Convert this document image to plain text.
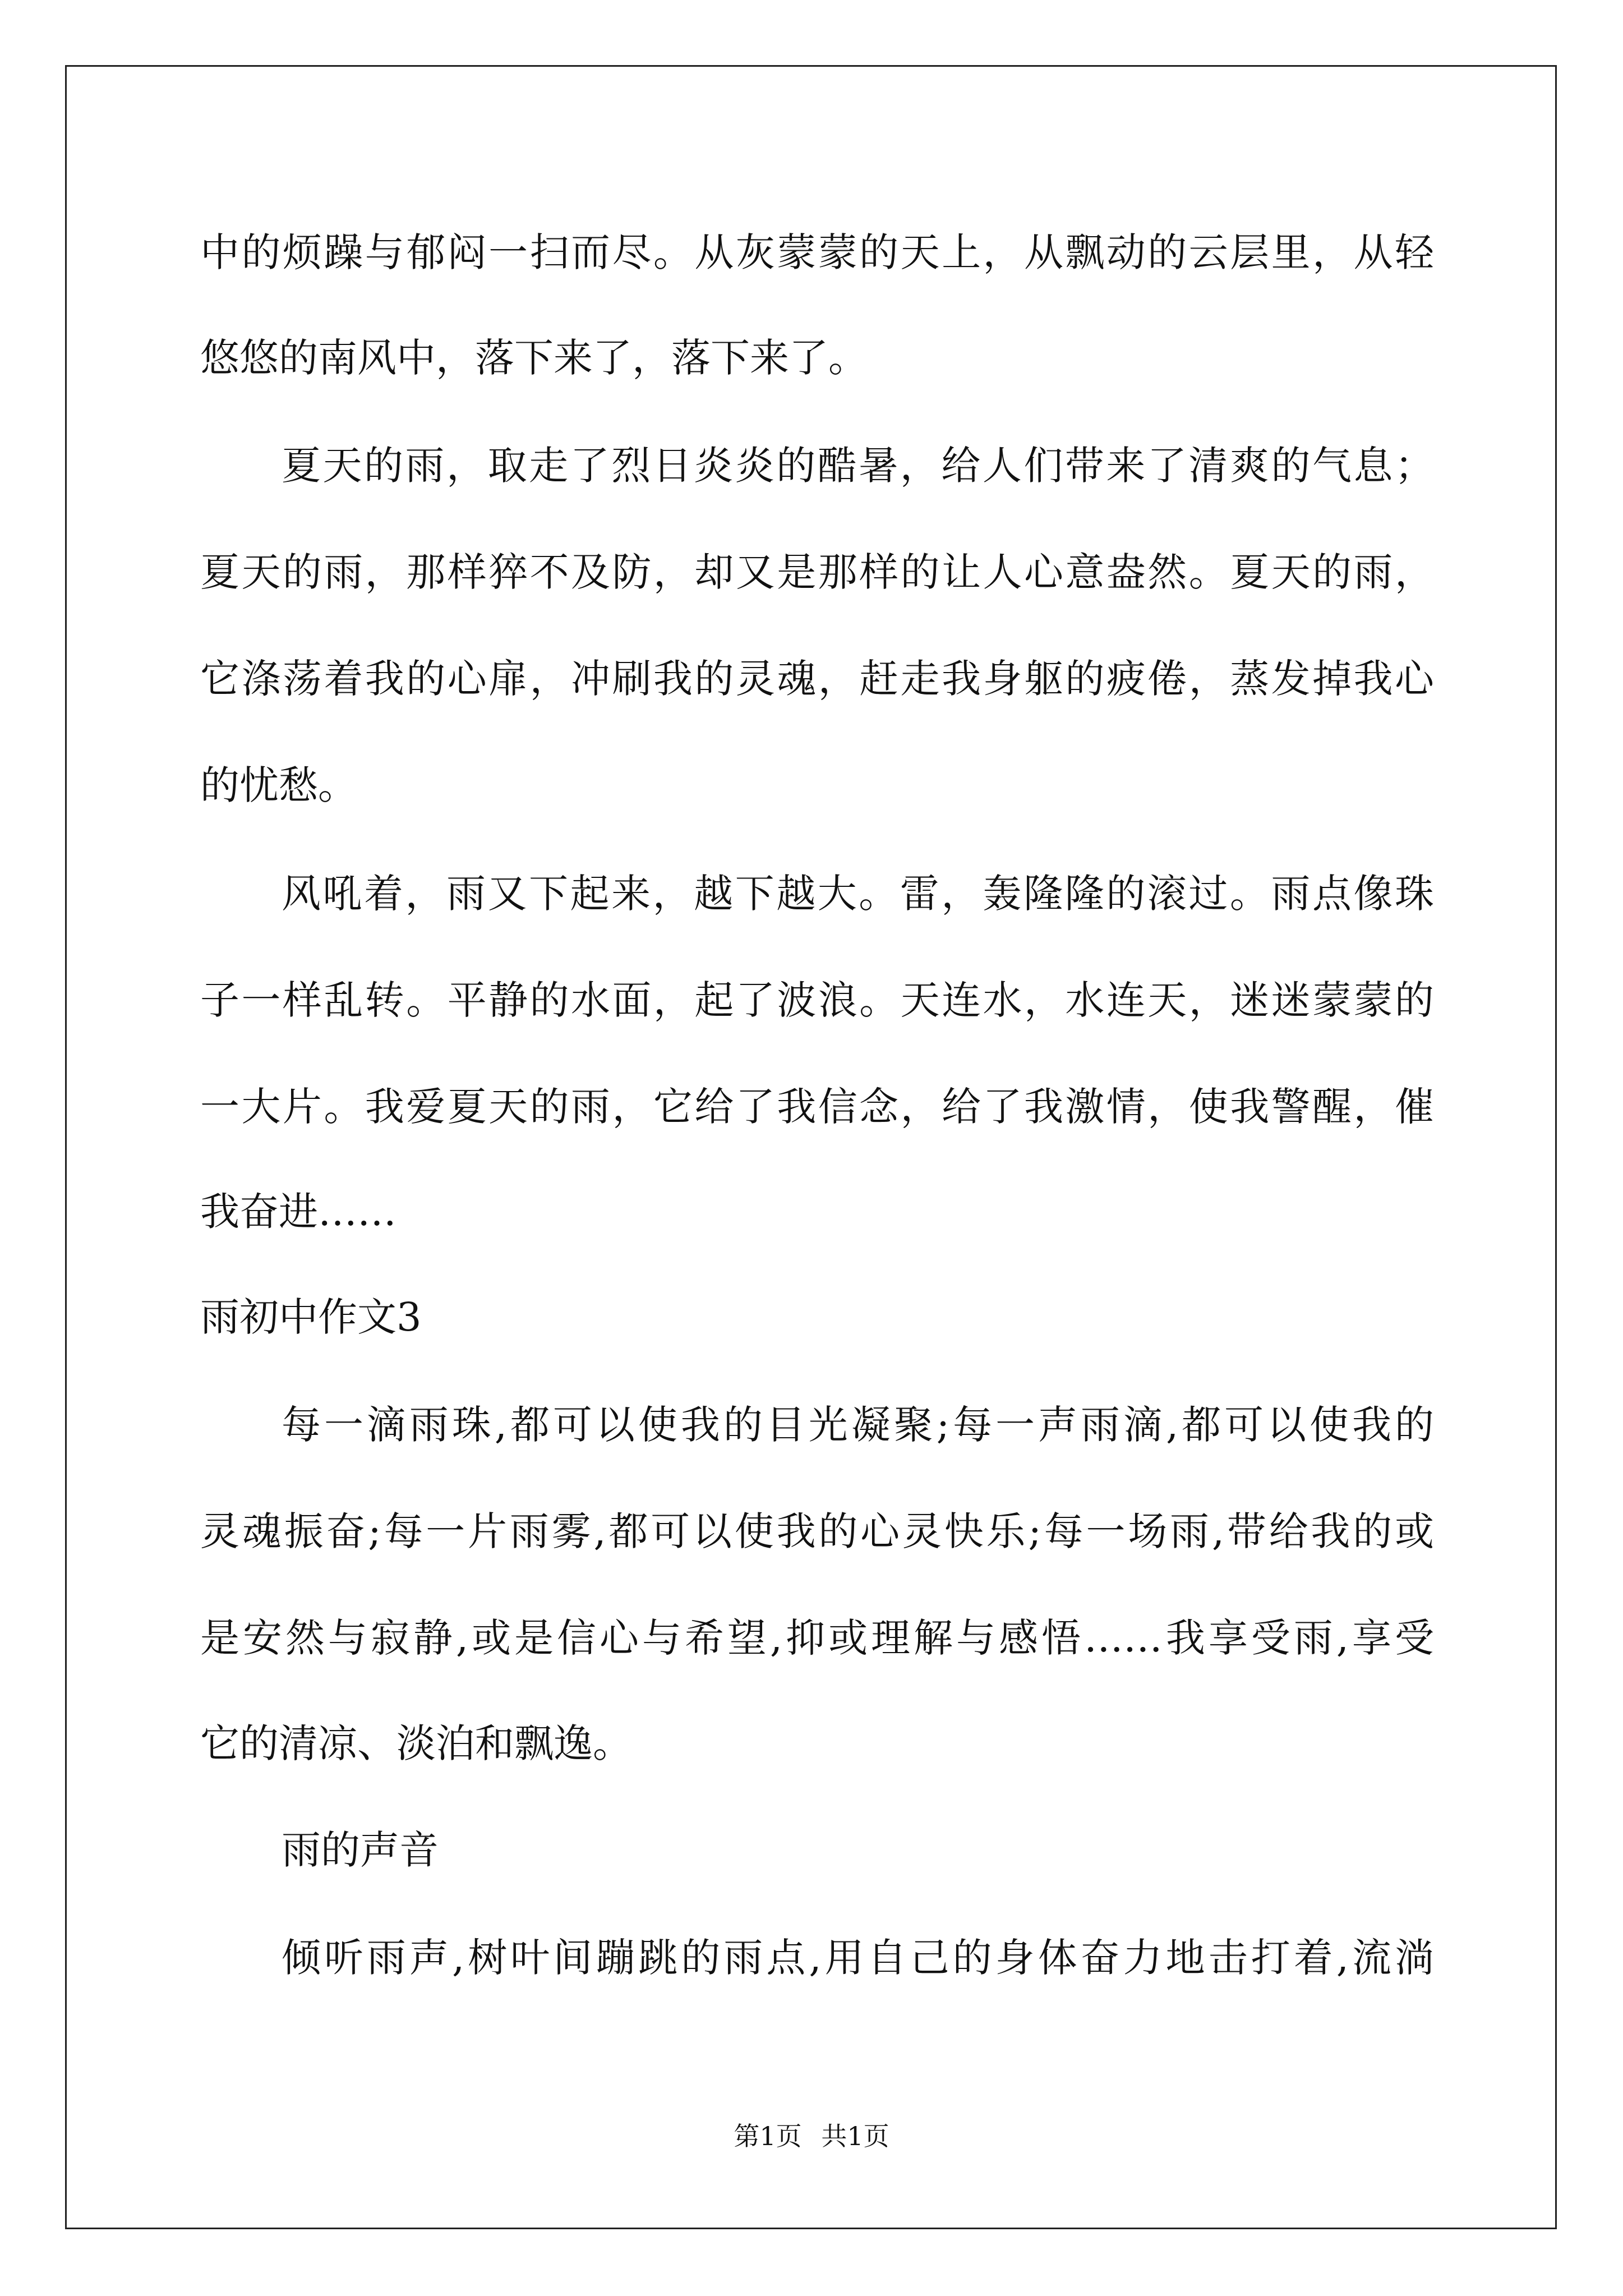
中的烦躁与郁闷一扫而尽。从灰蒙蒙的天上，从飘动的云层里，从轻
悠悠的南风中，落下来了，落下来了。
夏天的雨，取走了烈日炎炎的酷暑，给人们带来了清爽的气息；
夏天的雨，那样猝不及防，却又是那样的让人心意盎然。夏天的雨，
它涤荡着我的心扉，冲刷我的灵魂，赶走我身躯的疲倦，蒸发掉我心
的忧愁。
风吼着，雨又下起来，越下越大。雷，轰隆隆的滚过。雨点像珠
子一样乱转。平静的水面，起了波浪。天连水，水连天，迷迷蒙蒙的
一大片。我爱夏天的雨，它给了我信念，给了我激情，使我警醒，催
我奋进……
雨初中作文3
每一滴雨珠,都可以使我的目光凝聚;每一声雨滴,都可以使我的
灵魂振奋;每一片雨雾,都可以使我的心灵快乐;每一场雨,带给我的或
是安然与寂静,或是信心与希望,抑或理解与感悟……我享受雨,享受
它的清凉、淡泊和飘逸。
雨的声音
倾听雨声,树叶间蹦跳的雨点,用自己的身体奋力地击打着,流淌
第1页 共1页
